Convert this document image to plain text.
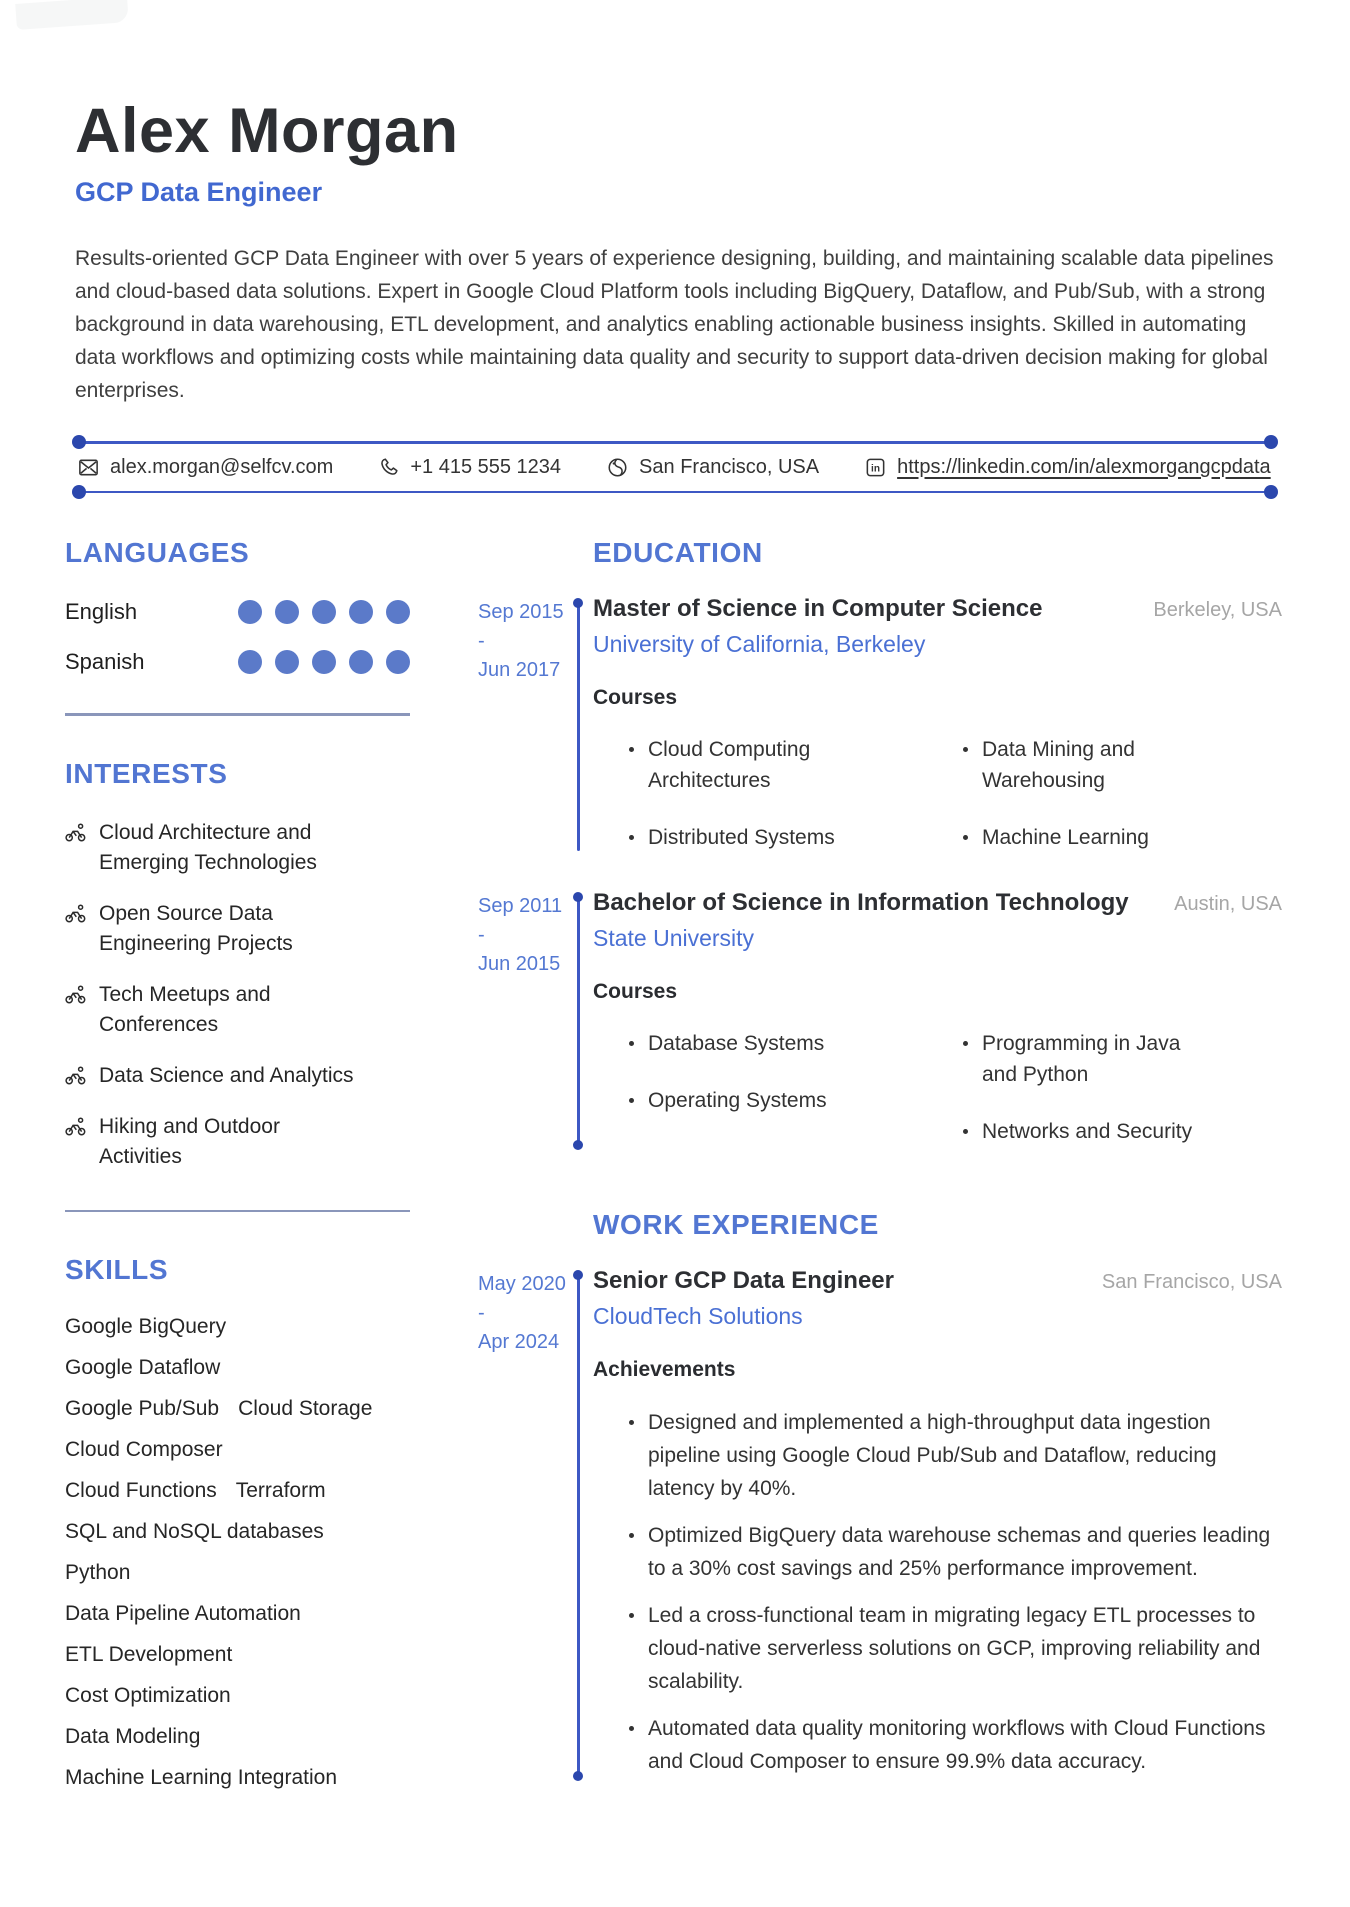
Alex Morgan
GCP Data Engineer

Results-oriented GCP Data Engineer with over 5 years of experience designing, building, and maintaining scalable data pipelines and cloud-based data solutions. Expert in Google Cloud Platform tools including BigQuery, Dataflow, and Pub/Sub, with a strong background in data warehousing, ETL development, and analytics enabling actionable business insights. Skilled in automating data workflows and optimizing costs while maintaining data quality and security to support data-driven decision making for global enterprises.

alex.morgan@selfcv.com	+1 415 555 1234	San Francisco, USA	in https://linkedin.com/in/alexmorgangcpdata
LANGUAGES
English
Spanish
INTERESTS
Cloud Architecture and Emerging Technologies
Open Source Data Engineering Projects
Tech Meetups and Conferences
Data Science and Analytics
Hiking and Outdoor Activities
SKILLS
Google BigQuery
Google Dataflow
Google Pub/Sub Cloud Storage
Cloud Composer
Cloud Functions Terraform
SQL and NoSQL databases
Python
Data Pipeline Automation
ETL Development
Cost Optimization
Data Modeling
Machine Learning Integration
EDUCATION
Sep 2015
-
Jun 2017
Master of Science in Computer Science	Berkeley, USA
University of California, Berkeley
Courses
Cloud Computing Architectures
Distributed Systems
Data Mining and Warehousing
Machine Learning
Sep 2011
-
Jun 2015
Bachelor of Science in Information Technology	Austin, USA
State University
Courses
Database Systems
Operating Systems
Programming in Java and Python
Networks and Security
WORK EXPERIENCE
May 2020
-
Apr 2024
Senior GCP Data Engineer	San Francisco, USA
CloudTech Solutions
Achievements
Designed and implemented a high-throughput data ingestion pipeline using Google Cloud Pub/Sub and Dataflow, reducing latency by 40%.
Optimized BigQuery data warehouse schemas and queries leading to a 30% cost savings and 25% performance improvement.
Led a cross-functional team in migrating legacy ETL processes to cloud-native serverless solutions on GCP, improving reliability and scalability.
Automated data quality monitoring workflows with Cloud Functions and Cloud Composer to ensure 99.9% data accuracy.
